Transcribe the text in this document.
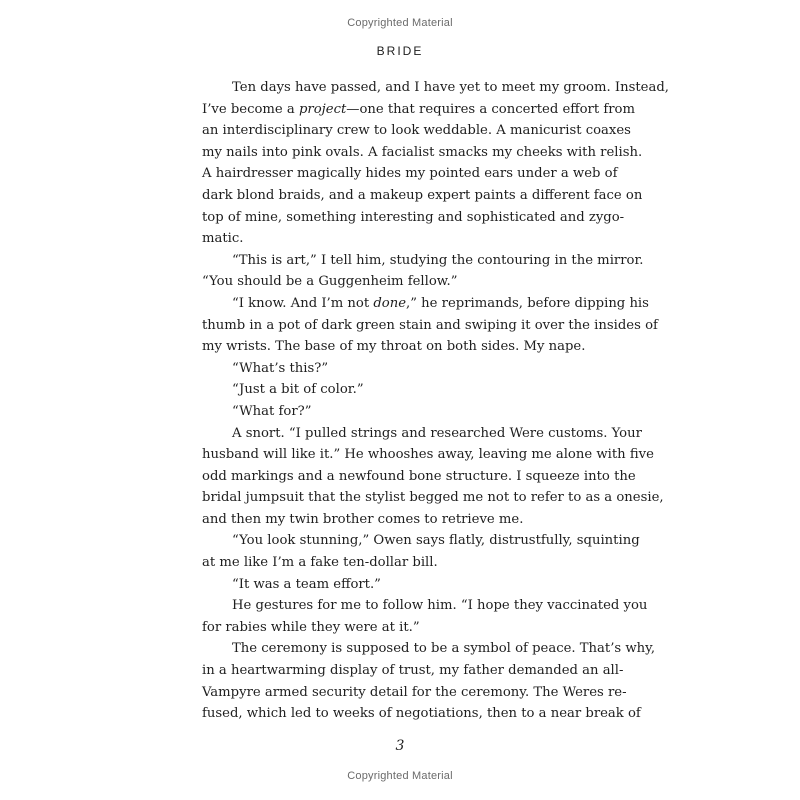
Copyrighted Material
BRIDE
Ten days have passed, and I have yet to meet my groom. Instead,
I’ve become a project—one that requires a concerted effort from
an interdisciplinary crew to look weddable. A manicurist coaxes
my nails into pink ovals. A facialist smacks my cheeks with relish.
A hairdresser magically hides my pointed ears under a web of
dark blond braids, and a makeup expert paints a different face on
top of mine, something interesting and sophisticated and zygo-
matic.
“This is art,” I tell him, studying the contouring in the mirror.
“You should be a Guggenheim fellow.”
“I know. And I’m not done,” he reprimands, before dipping his
thumb in a pot of dark green stain and swiping it over the insides of
my wrists. The base of my throat on both sides. My nape.
“What’s this?”
“Just a bit of color.”
“What for?”
A snort. “I pulled strings and researched Were customs. Your
husband will like it.” He whooshes away, leaving me alone with five
odd markings and a newfound bone structure. I squeeze into the
bridal jumpsuit that the stylist begged me not to refer to as a onesie,
and then my twin brother comes to retrieve me.
“You look stunning,” Owen says flatly, distrustfully, squinting
at me like I’m a fake ten-dollar bill.
“It was a team effort.”
He gestures for me to follow him. “I hope they vaccinated you
for rabies while they were at it.”
The ceremony is supposed to be a symbol of peace. That’s why,
in a heartwarming display of trust, my father demanded an all-
Vampyre armed security detail for the ceremony. The Weres re-
fused, which led to weeks of negotiations, then to a near break of
3
Copyrighted Material
